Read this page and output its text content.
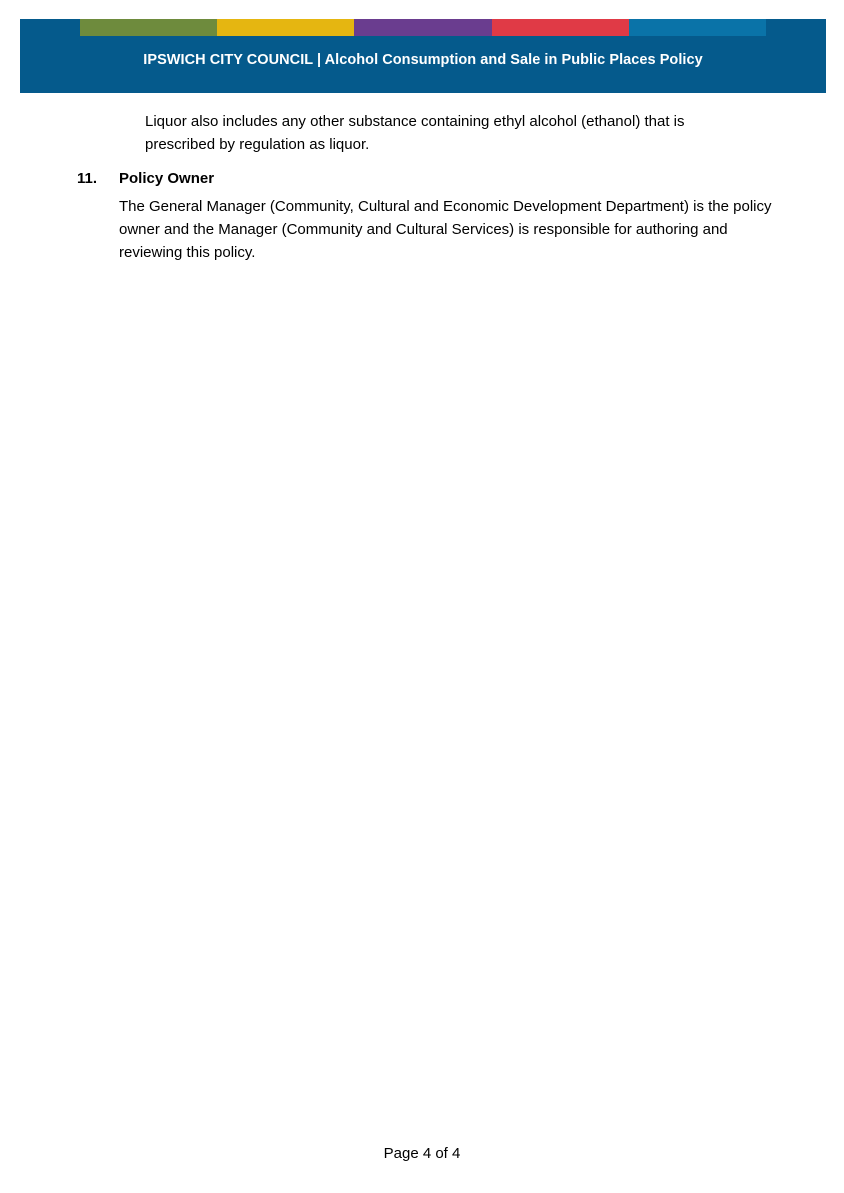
IPSWICH CITY COUNCIL | Alcohol Consumption and Sale in Public Places Policy

Liquor also includes any other substance containing ethyl alcohol (ethanol) that is prescribed by regulation as liquor.

11. Policy Owner

The General Manager (Community, Cultural and Economic Development Department) is the policy owner and the Manager (Community and Cultural Services) is responsible for authoring and reviewing this policy.

Page 4 of 4
